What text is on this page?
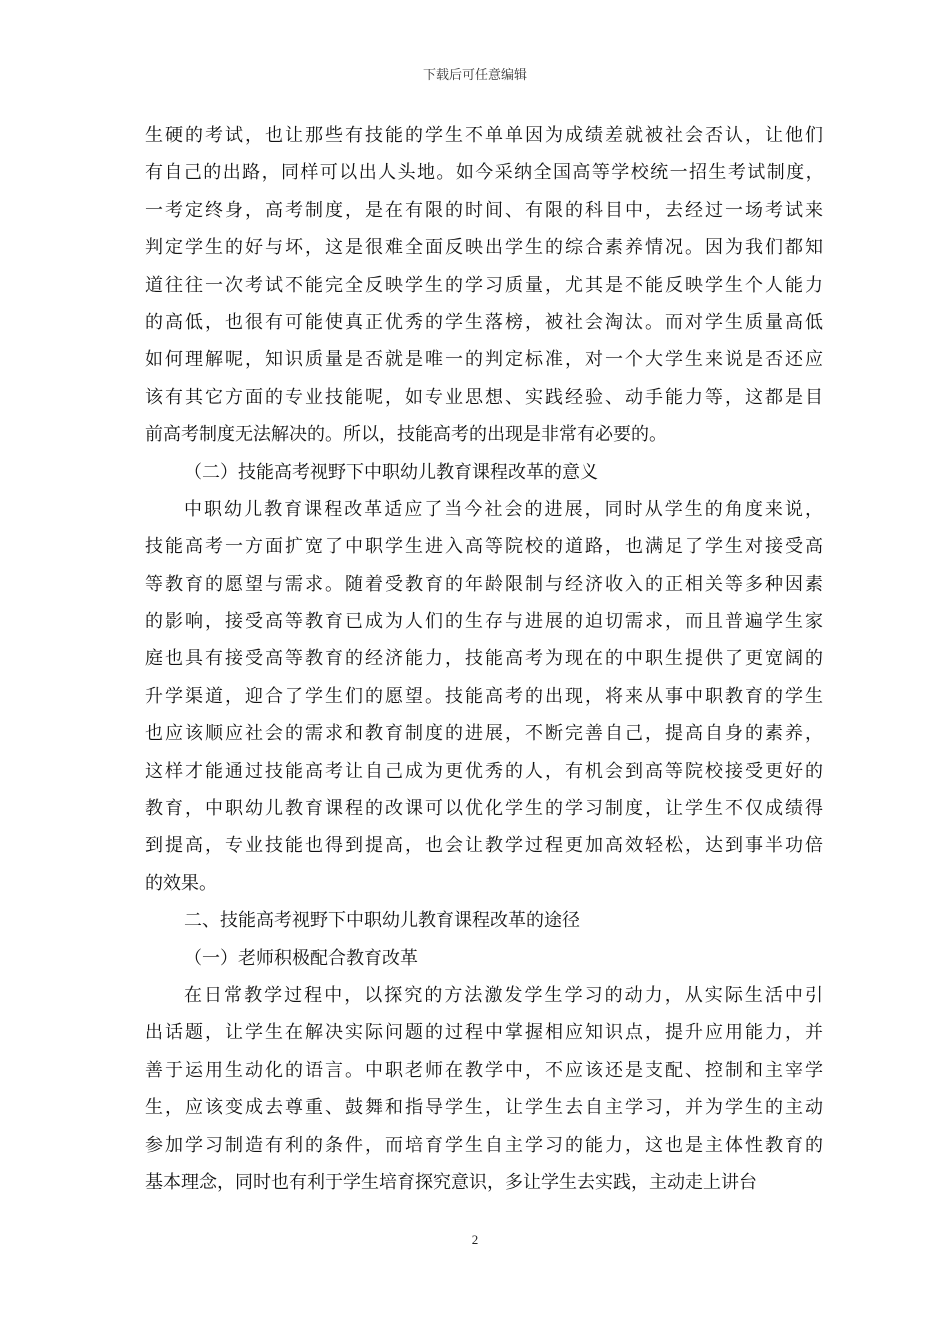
下载后可任意编辑
生硬的考试，也让那些有技能的学生不单单因为成绩差就被社会否认，让他们
有自己的出路，同样可以出人头地。如今采纳全国高等学校统一招生考试制度，
一考定终身，高考制度，是在有限的时间、有限的科目中，去经过一场考试来
判定学生的好与坏，这是很难全面反映出学生的综合素养情况。因为我们都知
道往往一次考试不能完全反映学生的学习质量，尤其是不能反映学生个人能力
的高低，也很有可能使真正优秀的学生落榜，被社会淘汰。而对学生质量高低
如何理解呢，知识质量是否就是唯一的判定标准，对一个大学生来说是否还应
该有其它方面的专业技能呢，如专业思想、实践经验、动手能力等，这都是目
前高考制度无法解决的。所以，技能高考的出现是非常有必要的。
（二）技能高考视野下中职幼儿教育课程改革的意义
中职幼儿教育课程改革适应了当今社会的进展，同时从学生的角度来说，
技能高考一方面扩宽了中职学生进入高等院校的道路，也满足了学生对接受高
等教育的愿望与需求。随着受教育的年龄限制与经济收入的正相关等多种因素
的影响，接受高等教育已成为人们的生存与进展的迫切需求，而且普遍学生家
庭也具有接受高等教育的经济能力，技能高考为现在的中职生提供了更宽阔的
升学渠道，迎合了学生们的愿望。技能高考的出现，将来从事中职教育的学生
也应该顺应社会的需求和教育制度的进展，不断完善自己，提高自身的素养，
这样才能通过技能高考让自己成为更优秀的人，有机会到高等院校接受更好的
教育，中职幼儿教育课程的改课可以优化学生的学习制度，让学生不仅成绩得
到提高，专业技能也得到提高，也会让教学过程更加高效轻松，达到事半功倍
的效果。
二、技能高考视野下中职幼儿教育课程改革的途径
（一）老师积极配合教育改革
在日常教学过程中，以探究的方法激发学生学习的动力，从实际生活中引
出话题，让学生在解决实际问题的过程中掌握相应知识点，提升应用能力，并
善于运用生动化的语言。中职老师在教学中，不应该还是支配、控制和主宰学
生，应该变成去尊重、鼓舞和指导学生，让学生去自主学习，并为学生的主动
参加学习制造有利的条件，而培育学生自主学习的能力，这也是主体性教育的
基本理念，同时也有利于学生培育探究意识，多让学生去实践，主动走上讲台
2
